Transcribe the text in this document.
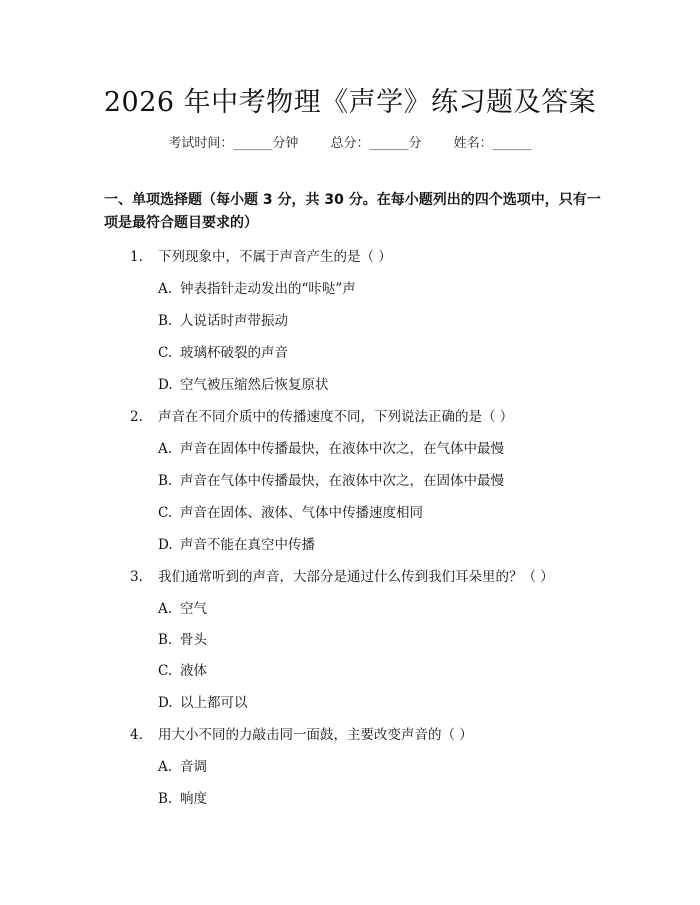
2026 年中考物理《声学》练习题及答案
考试时间：______分钟 总分：______分 姓名：______
一、单项选择题（每小题 3 分，共 30 分。在每小题列出的四个选项中，只有一项是最符合题目要求的）
1. 下列现象中，不属于声音产生的是（ ）
A. 钟表指针走动发出的“咔哒”声
B. 人说话时声带振动
C. 玻璃杯破裂的声音
D. 空气被压缩然后恢复原状
2. 声音在不同介质中的传播速度不同，下列说法正确的是（ ）
A. 声音在固体中传播最快，在液体中次之，在气体中最慢
B. 声音在气体中传播最快，在液体中次之，在固体中最慢
C. 声音在固体、液体、气体中传播速度相同
D. 声音不能在真空中传播
3. 我们通常听到的声音，大部分是通过什么传到我们耳朵里的？（ ）
A. 空气
B. 骨头
C. 液体
D. 以上都可以
4. 用大小不同的力敲击同一面鼓，主要改变声音的（ ）
A. 音调
B. 响度
